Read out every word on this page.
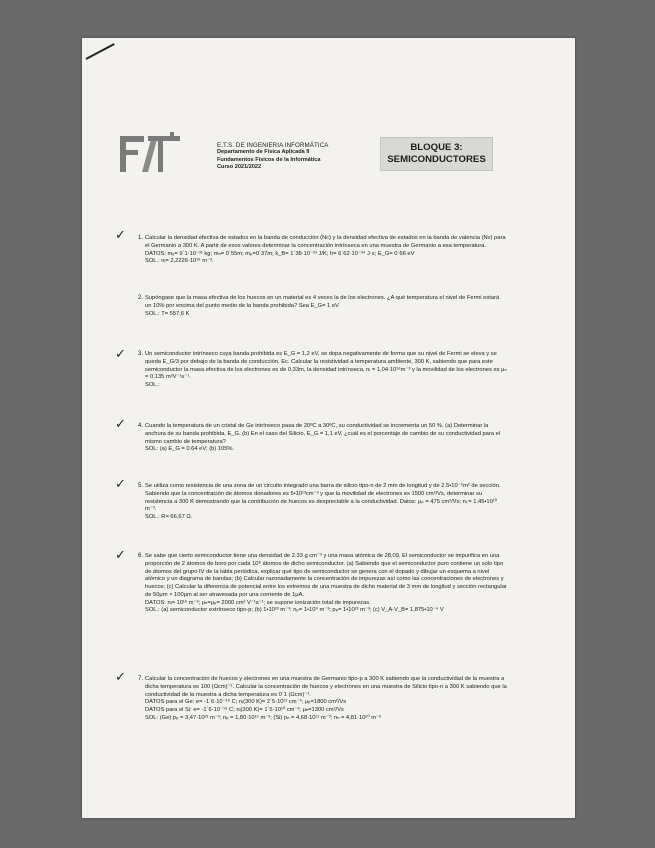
E.T.S. DE INGENIERIA INFORMÁTICA
Departamento de Física Aplicada II
Fundamentos Físicos de la Informática
Curso 2021/2022
BLOQUE 3:
SEMICONDUCTORES
✓	1. Calcular la densidad efectiva de estados en la banda de conducción (Nc) y la densidad efectiva de estados en la banda de valencia (Nv) para el Germanio a 300 K. A partir de esos valores determinar la concentración intrínseca en una muestra de Germanio a esa temperatura.
DATOS: mₑ= 9´1·10⁻³¹ kg; mₙ= 0´55m; mₚ=0´37m; k_B= 1´38·10⁻²³ J/K; h= 6´62·10⁻³⁴ J·s; E_G= 0´66 eV
SOL.: nᵢ= 2,2226·10¹⁹ m⁻³.
2. Supóngase que la masa efectiva de los huecos en un material es 4 veces la de los electrones. ¿A qué temperatura el nivel de Fermi estará un 10% por encima del punto medio de la banda prohibida? Sea E_G= 1 eV.
SOL.: T= 557,6 K
✓	3. Un semiconductor intrínseco cuya banda prohibida es E_G = 1,2 eV, se dopa negativamente de forma que su nivel de Fermi se eleva y se queda E_G/3 por debajo de la banda de conducción, Ec. Calcular la resistividad a temperatura ambiente, 300 K, sabiendo que para este semiconductor la masa efectiva de los electrones es de 0,33m, la densidad intrínseca, nᵢ = 1,04·10¹⁶m⁻³ y la movilidad de los electrones es μₙ = 0,135 m²V⁻¹s⁻¹.
SOL.:
✓	4. Cuando la temperatura de un cristal de Ge intrínseco pasa de 20ºC a 30ºC, su conductividad se incrementa un 50 %. (a) Determinar la anchura de su banda prohibida, E_G. (b) En el caso del Silicio, E_G = 1,1 eV, ¿cuál es el porcentaje de cambio de su conductividad para el mismo cambio de temperatura?
SOL: (a) E_G = 0.64 eV; (b) 105%.
✓	5. Se utiliza como resistencia de una zona de un circuito integrado una barra de silicio tipo-n de 2 mm de longitud y de 2.5•10⁻⁵m² de sección. Sabiendo que la concentración de átomos donadores es 5•10¹³cm⁻³ y que la movilidad de electrones es 1500 cm²/Vs, determinar su resistencia a 300 K demostrando que la contribución de huecos es despreciable a la conductividad. Datos: μₚ = 475 cm²/Vs; nᵢ = 1.45•10¹⁰ m⁻³.
SOL.: R= 66,67 Ω.
✓	6. Se sabe que cierto semiconductor tiene una densidad de 2.33 g cm⁻³ y una masa atómica de 28,09. El semiconductor se impurifica en una proporción de 2 átomos de boro por cada 10⁸ átomos de dicho semiconductor. (a) Sabiendo que el semiconductor puro contiene un solo tipo de átomos del grupo IV de la tabla periódica, explicar qué tipo de semiconductor se genera con el dopado y dibujar un esquema a nivel atómico y un diagrama de bandas; (b) Calcular razonadamente la concentración de impurezas así como las concentraciones de electrones y huecos; (c) Calcular la diferencia de potencial entre los extremos de una muestra de dicho material de 3 mm de longitud y sección rectangular de 50μm × 100μm al ser atravesada por una corriente de 1μA.
DATOS: nᵢ= 10¹⁶ m⁻³; μₙ=μₚ= 2000 cm² V⁻¹s⁻¹; se supone ionización total de impurezas.
SOL.: (a) semiconductor extrínseco tipo-p; (b) 1•10²³ m⁻³; nₚ= 1•10⁹ m⁻³; pₚ= 1•10²³ m⁻³; (c) V_A-V_B= 1,875•10⁻⁴ V
✓	7. Calcular la concentración de huecos y electrones en una muestra de Germanio tipo-p a 300 K sabiendo que la conductividad de la muestra a dicha temperatura es 100 (Ωcm)⁻¹. Calcular la concentración de huecos y electrones en una muestra de Silicio tipo-n a 300 K sabiendo que la conductividad de la muestra a dicha temperatura es 0´1 (Ωcm)⁻¹.
DATOS para el Ge: e= -1´6·10⁻¹⁹ C; nᵢ(300 K)= 2´5·10¹³ cm⁻³; μₚ=1800 cm²/Vs
DATOS para el Si: e= -1´6·10⁻¹⁹ C; nᵢ(300 K)= 1´5·10¹⁰ cm⁻³; μₙ=1300 cm²/Vs
SOL: (Ge) pₚ = 3,47·10²³ m⁻³; nₚ = 1,80·10¹⁵ m⁻³; (Si) pₙ = 4,68·10¹¹ m⁻³; nₙ = 4,81·10²⁰ m⁻³
